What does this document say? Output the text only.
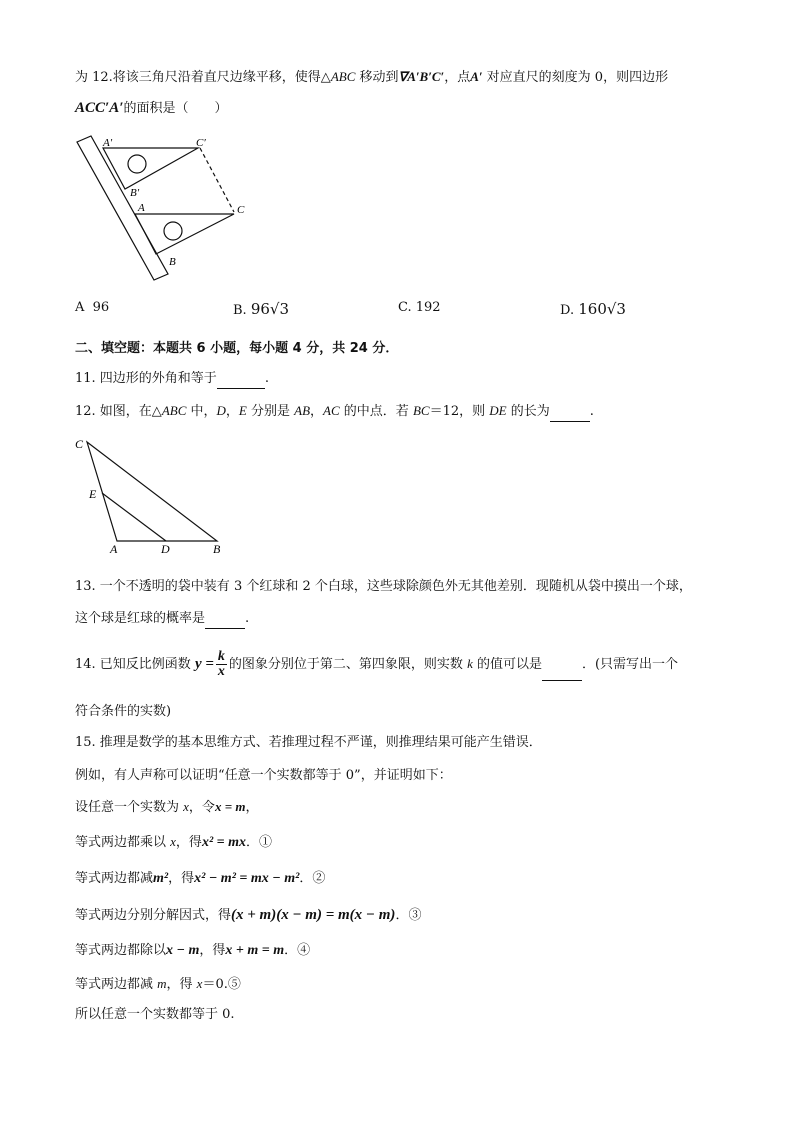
为 12.将该三角尺沿着直尺边缘平移，使得△ABC 移动到∇A′B′C′，点A′ 对应直尺的刻度为 0，则四边形
ACC′A′的面积是（　　）
A′	C′
B′
A	C
B
A 96	B. 96√3	C. 192	D. 160√3
二、填空题：本题共 6 小题，每小题 4 分，共 24 分．
11. 四边形的外角和等于	.
12. 如图，在△ABC 中，D，E 分别是 AB，AC 的中点．若 BC＝12，则 DE 的长为	.
C
E
A	D	B
13. 一个不透明的袋中装有 3 个红球和 2 个白球，这些球除颜色外无其他差别．现随机从袋中摸出一个球，
这个球是红球的概率是	.
14. 已知反比例函数 $y = \frac{k}{x}$ 的图象分别位于第二、第四象限，则实数 k 的值可以是	．(只需写出一个
符合条件的实数)
15. 推理是数学的基本思维方式、若推理过程不严谨，则推理结果可能产生错误．
例如，有人声称可以证明“任意一个实数都等于 0”，并证明如下：
设任意一个实数为 x，令x = m，
等式两边都乘以 x，得x² = mx．①
等式两边都减m²，得x² − m² = mx − m²．②
等式两边分别分解因式，得(x + m)(x − m) = m(x − m)．③
等式两边都除以x − m，得x + m = m．④
等式两边都减 m，得 x＝0.⑤
所以任意一个实数都等于 0.
